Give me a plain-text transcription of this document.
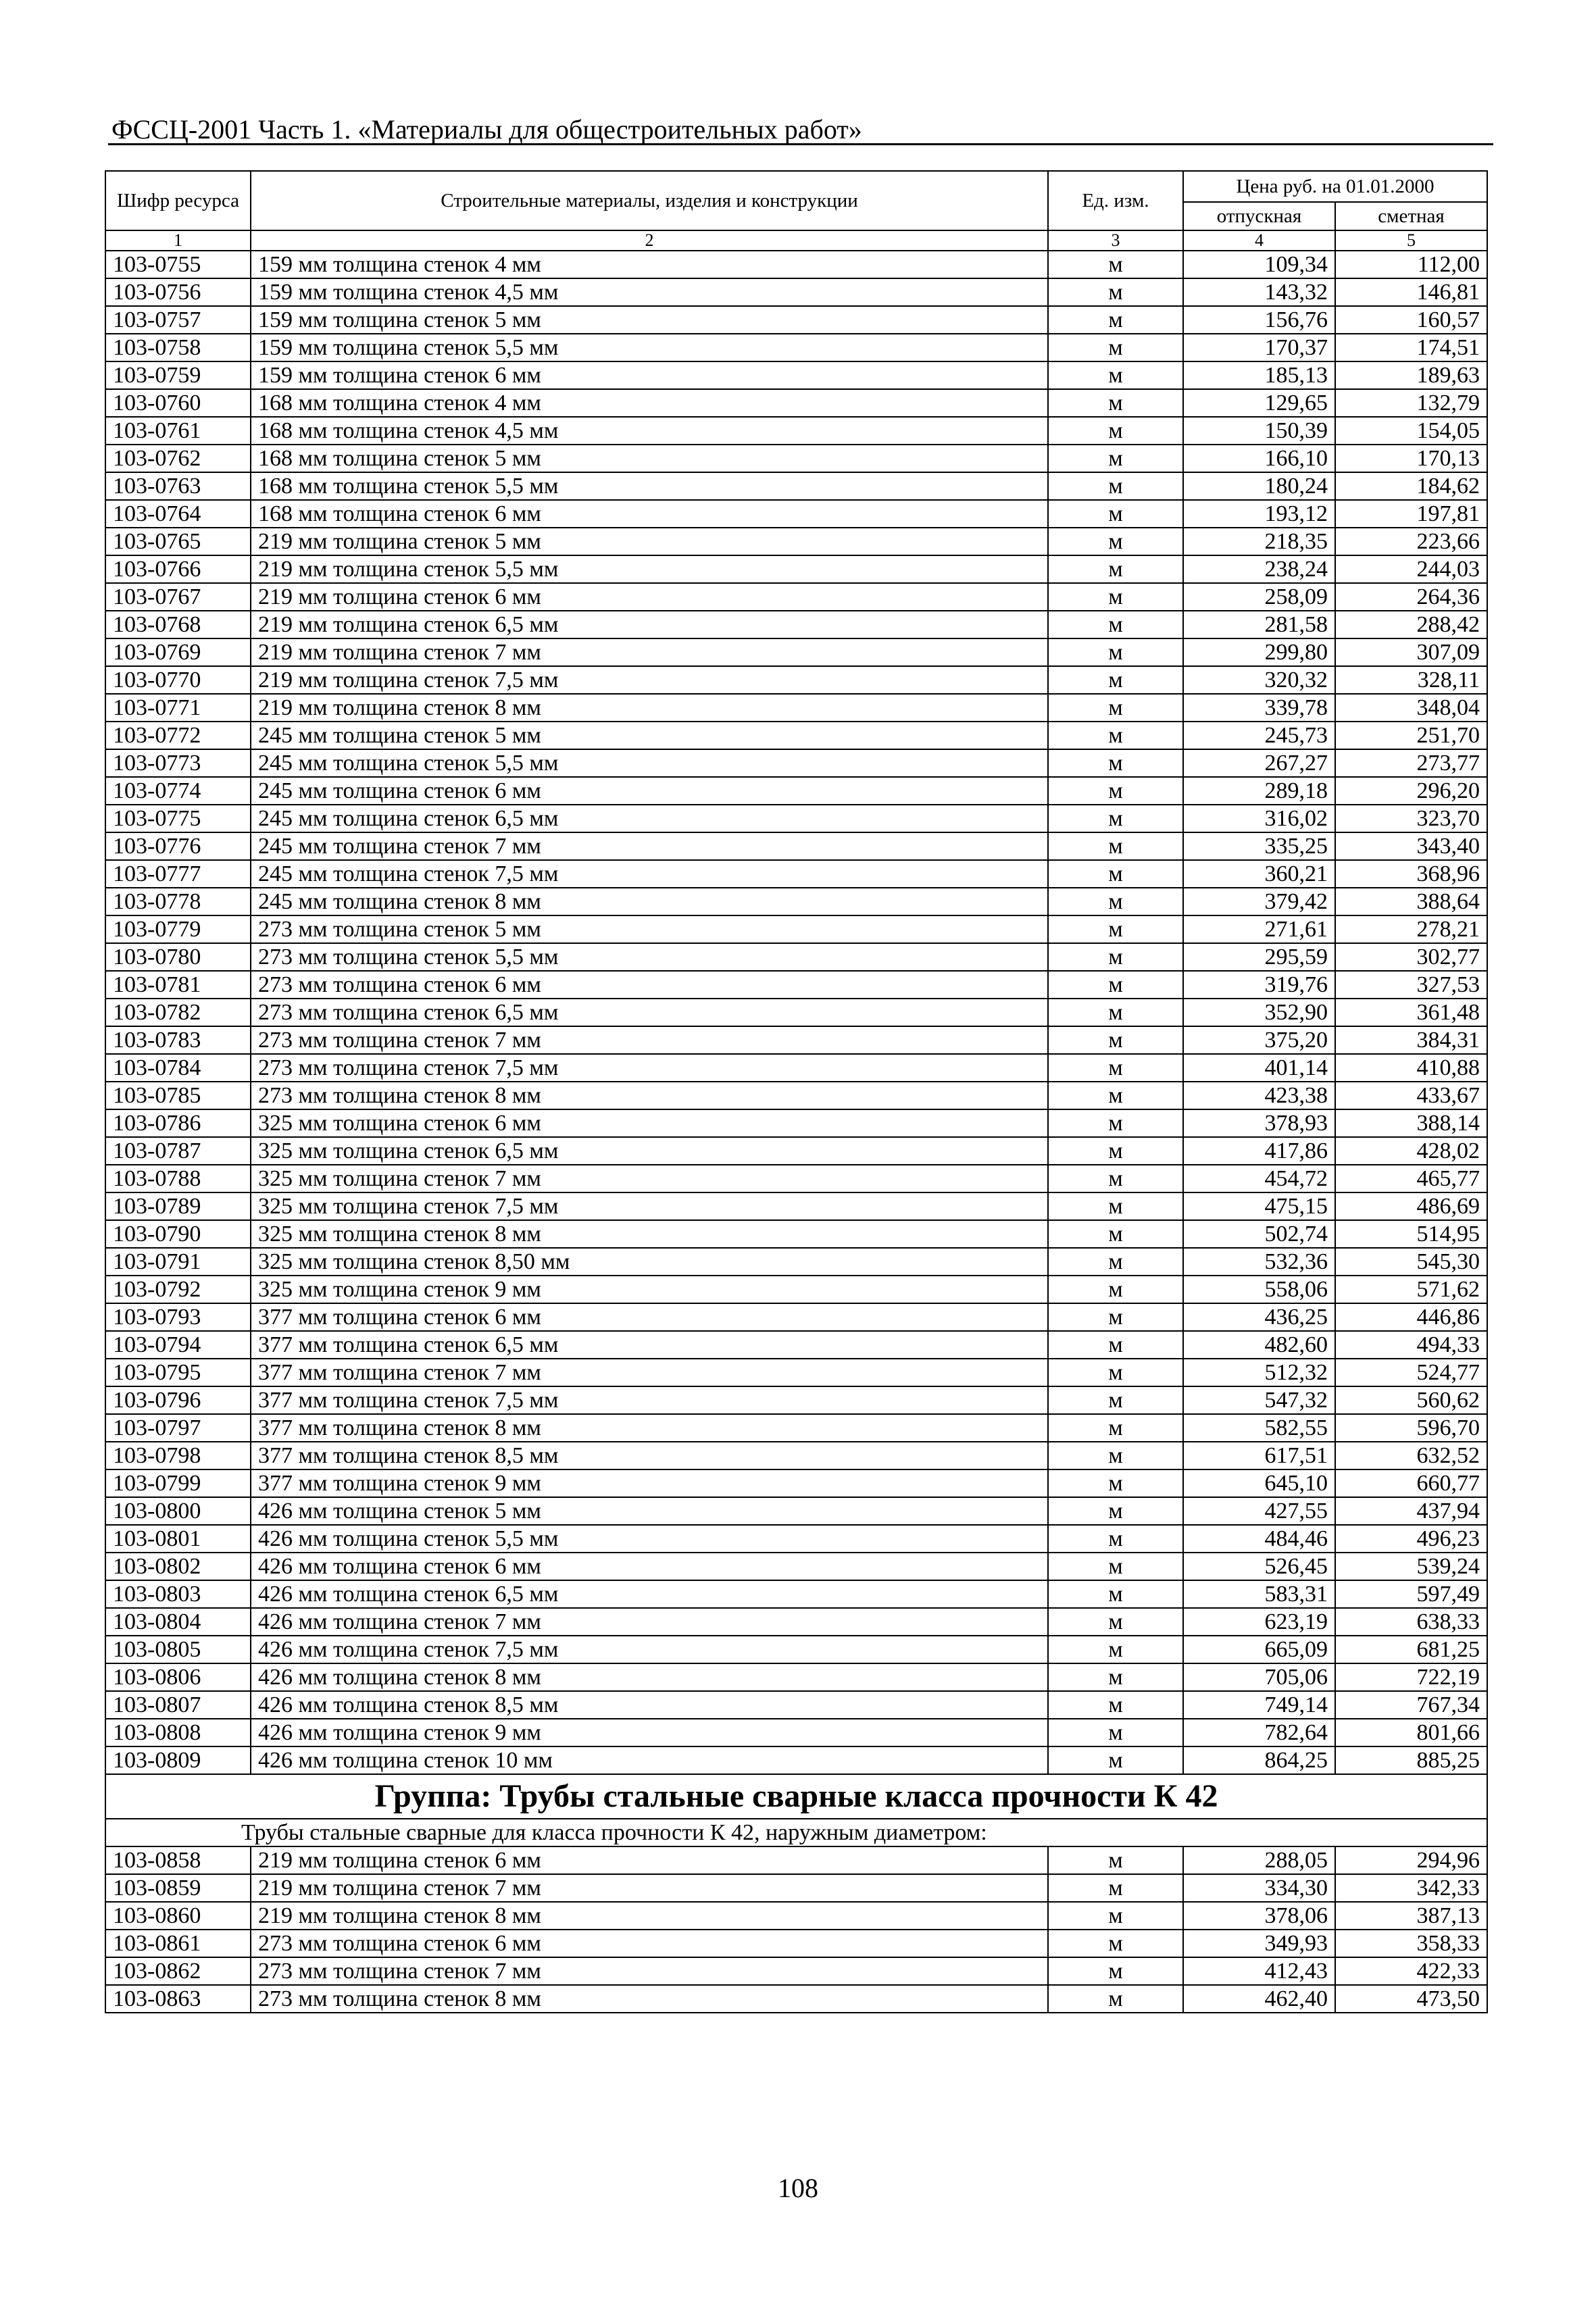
ФССЦ-2001 Часть 1. «Материалы для общестроительных работ»
Шифр ресурса	Строительные материалы, изделия и конструкции	Ед. изм.	Цена руб. на 01.01.2000	
			отпускная	сметная
1	2	3	4	5
103-0755	159 мм толщина стенок 4 мм	м	109,34	112,00
103-0756	159 мм толщина стенок 4,5 мм	м	143,32	146,81
103-0757	159 мм толщина стенок 5 мм	м	156,76	160,57
103-0758	159 мм толщина стенок 5,5 мм	м	170,37	174,51
103-0759	159 мм толщина стенок 6 мм	м	185,13	189,63
103-0760	168 мм толщина стенок 4 мм	м	129,65	132,79
103-0761	168 мм толщина стенок 4,5 мм	м	150,39	154,05
103-0762	168 мм толщина стенок 5 мм	м	166,10	170,13
103-0763	168 мм толщина стенок 5,5 мм	м	180,24	184,62
103-0764	168 мм толщина стенок 6 мм	м	193,12	197,81
103-0765	219 мм толщина стенок 5 мм	м	218,35	223,66
103-0766	219 мм толщина стенок 5,5 мм	м	238,24	244,03
103-0767	219 мм толщина стенок 6 мм	м	258,09	264,36
103-0768	219 мм толщина стенок 6,5 мм	м	281,58	288,42
103-0769	219 мм толщина стенок 7 мм	м	299,80	307,09
103-0770	219 мм толщина стенок 7,5 мм	м	320,32	328,11
103-0771	219 мм толщина стенок 8 мм	м	339,78	348,04
103-0772	245 мм толщина стенок 5 мм	м	245,73	251,70
103-0773	245 мм толщина стенок 5,5 мм	м	267,27	273,77
103-0774	245 мм толщина стенок 6 мм	м	289,18	296,20
103-0775	245 мм толщина стенок 6,5 мм	м	316,02	323,70
103-0776	245 мм толщина стенок 7 мм	м	335,25	343,40
103-0777	245 мм толщина стенок 7,5 мм	м	360,21	368,96
103-0778	245 мм толщина стенок 8 мм	м	379,42	388,64
103-0779	273 мм толщина стенок 5 мм	м	271,61	278,21
103-0780	273 мм толщина стенок 5,5 мм	м	295,59	302,77
103-0781	273 мм толщина стенок 6 мм	м	319,76	327,53
103-0782	273 мм толщина стенок 6,5 мм	м	352,90	361,48
103-0783	273 мм толщина стенок 7 мм	м	375,20	384,31
103-0784	273 мм толщина стенок 7,5 мм	м	401,14	410,88
103-0785	273 мм толщина стенок 8 мм	м	423,38	433,67
103-0786	325 мм толщина стенок 6 мм	м	378,93	388,14
103-0787	325 мм толщина стенок 6,5 мм	м	417,86	428,02
103-0788	325 мм толщина стенок 7 мм	м	454,72	465,77
103-0789	325 мм толщина стенок 7,5 мм	м	475,15	486,69
103-0790	325 мм толщина стенок 8 мм	м	502,74	514,95
103-0791	325 мм толщина стенок 8,50 мм	м	532,36	545,30
103-0792	325 мм толщина стенок 9 мм	м	558,06	571,62
103-0793	377 мм толщина стенок 6 мм	м	436,25	446,86
103-0794	377 мм толщина стенок 6,5 мм	м	482,60	494,33
103-0795	377 мм толщина стенок 7 мм	м	512,32	524,77
103-0796	377 мм толщина стенок 7,5 мм	м	547,32	560,62
103-0797	377 мм толщина стенок 8 мм	м	582,55	596,70
103-0798	377 мм толщина стенок 8,5 мм	м	617,51	632,52
103-0799	377 мм толщина стенок 9 мм	м	645,10	660,77
103-0800	426 мм толщина стенок 5 мм	м	427,55	437,94
103-0801	426 мм толщина стенок 5,5 мм	м	484,46	496,23
103-0802	426 мм толщина стенок 6 мм	м	526,45	539,24
103-0803	426 мм толщина стенок 6,5 мм	м	583,31	597,49
103-0804	426 мм толщина стенок 7 мм	м	623,19	638,33
103-0805	426 мм толщина стенок 7,5 мм	м	665,09	681,25
103-0806	426 мм толщина стенок 8 мм	м	705,06	722,19
103-0807	426 мм толщина стенок 8,5 мм	м	749,14	767,34
103-0808	426 мм толщина стенок 9 мм	м	782,64	801,66
103-0809	426 мм толщина стенок 10 мм	м	864,25	885,25
Группа: Трубы стальные сварные класса прочности К 42				
Трубы стальные сварные для класса прочности К 42, наружным диаметром:				
103-0858	219 мм толщина стенок 6 мм	м	288,05	294,96
103-0859	219 мм толщина стенок 7 мм	м	334,30	342,33
103-0860	219 мм толщина стенок 8 мм	м	378,06	387,13
103-0861	273 мм толщина стенок 6 мм	м	349,93	358,33
103-0862	273 мм толщина стенок 7 мм	м	412,43	422,33
103-0863	273 мм толщина стенок 8 мм	м	462,40	473,50
108
